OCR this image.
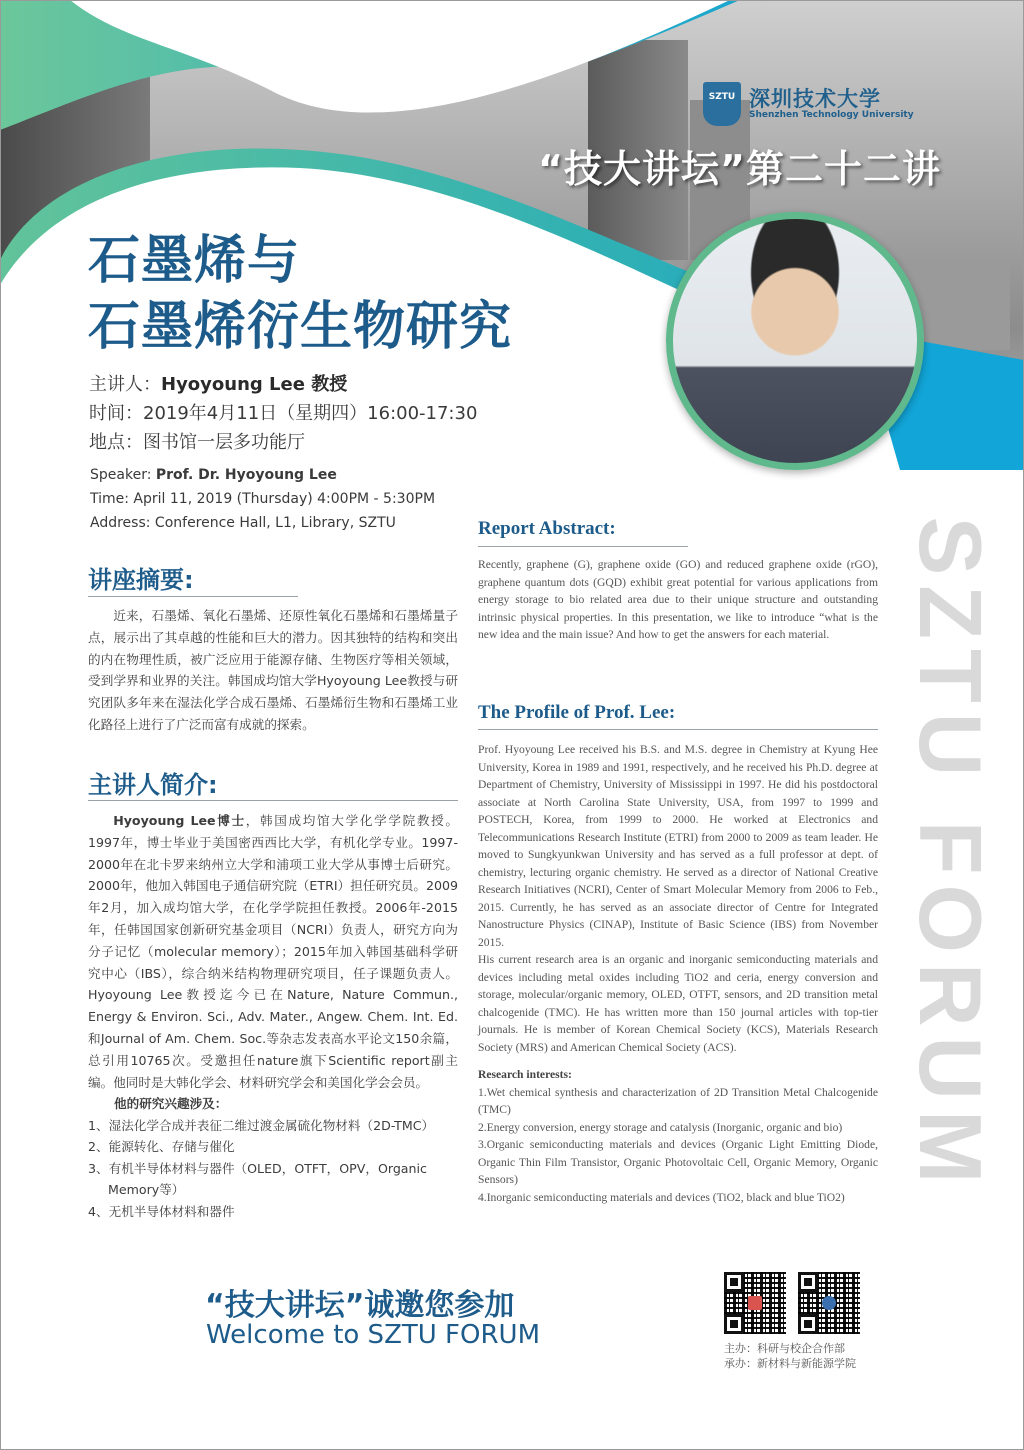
SZTU 深圳技术大学
Shenzhen Technology University
“技大讲坛”第二十二讲
石墨烯与
石墨烯衍生物研究
主讲人：Hyoyoung Lee 教授
时间：2019年4月11日（星期四）16:00-17:30
地点：图书馆一层多功能厅
Speaker: Prof. Dr. Hyoyoung Lee
Time: April 11, 2019 (Thursday) 4:00PM - 5:30PM
Address: Conference Hall, L1, Library, SZTU
讲座摘要:

近来，石墨烯、氧化石墨烯、还原性氧化石墨烯和石墨烯量子点，展示出了其卓越的性能和巨大的潜力。因其独特的结构和突出的内在物理性质，被广泛应用于能源存储、生物医疗等相关领域，受到学界和业界的关注。韩国成均馆大学Hyoyoung Lee教授与研究团队多年来在湿法化学合成石墨烯、石墨烯衍生物和石墨烯工业化路径上进行了广泛而富有成就的探索。

主讲人简介:

Hyoyoung Lee博士，韩国成均馆大学化学学院教授。1997年，博士毕业于美国密西西比大学，有机化学专业。1997-2000年在北卡罗来纳州立大学和浦项工业大学从事博士后研究。2000年，他加入韩国电子通信研究院（ETRI）担任研究员。2009年2月，加入成均馆大学，在化学学院担任教授。2006年-2015年，任韩国国家创新研究基金项目（NCRI）负责人，研究方向为分子记忆（molecular memory）；2015年加入韩国基础科学研究中心（IBS），综合纳米结构物理研究项目，任子课题负责人。Hyoyoung Lee教授迄今已在Nature, Nature Commun., Energy & Environ. Sci., Adv. Mater., Angew. Chem. Int. Ed.和Journal of Am. Chem. Soc.等杂志发表高水平论文150余篇，总引用10765次。受邀担任nature旗下Scientific report副主编。他同时是大韩化学会、材料研究学会和美国化学会会员。

他的研究兴趣涉及：
1、湿法化学合成并表征二维过渡金属硫化物材料（2D-TMC）
2、能源转化、存储与催化
3、有机半导体材料与器件（OLED，OTFT，OPV，Organic Memory等）
4、无机半导体材料和器件
Report Abstract:

Recently, graphene (G), graphene oxide (GO) and reduced graphene oxide (rGO), graphene quantum dots (GQD) exhibit great potential for various applications from energy storage to bio related area due to their unique structure and outstanding intrinsic physical properties. In this presentation, we like to introduce “what is the new idea and the main issue? And how to get the answers for each material.

The Profile of Prof. Lee:

Prof. Hyoyoung Lee received his B.S. and M.S. degree in Chemistry at Kyung Hee University, Korea in 1989 and 1991, respectively, and he received his Ph.D. degree at Department of Chemistry, University of Mississippi in 1997. He did his postdoctoral associate at North Carolina State University, USA, from 1997 to 1999 and POSTECH, Korea, from 1999 to 2000. He worked at Electronics and Telecommunications Research Institute (ETRI) from 2000 to 2009 as team leader. He moved to Sungkyunkwan University and has served as a full professor at dept. of chemistry, lecturing organic chemistry. He served as a director of National Creative Research Initiatives (NCRI), Center of Smart Molecular Memory from 2006 to Feb., 2015. Currently, he has served as an associate director of Centre for Integrated Nanostructure Physics (CINAP), Institute of Basic Science (IBS) from November 2015.

His current research area is an organic and inorganic semiconducting materials and devices including metal oxides including TiO2 and ceria, energy conversion and storage, molecular/organic memory, OLED, OTFT, sensors, and 2D transition metal chalcogenide (TMC). He has written more than 150 journal articles with top-tier journals. He is member of Korean Chemical Society (KCS), Materials Research Society (MRS) and American Chemical Society (ACS).

Research interests:

1.Wet chemical synthesis and characterization of 2D Transition Metal Chalcogenide (TMC)

2.Energy conversion, energy storage and catalysis (Inorganic, organic and bio)

3.Organic semiconducting materials and devices (Organic Light Emitting Diode, Organic Thin Film Transistor, Organic Photovoltaic Cell, Organic Memory, Organic Sensors)

4.Inorganic semiconducting materials and devices (TiO2, black and blue TiO2)

SZTU FORUM
“技大讲坛”诚邀您参加
Welcome to SZTU FORUM	主办：科研与校企合作部
承办：新材料与新能源学院
